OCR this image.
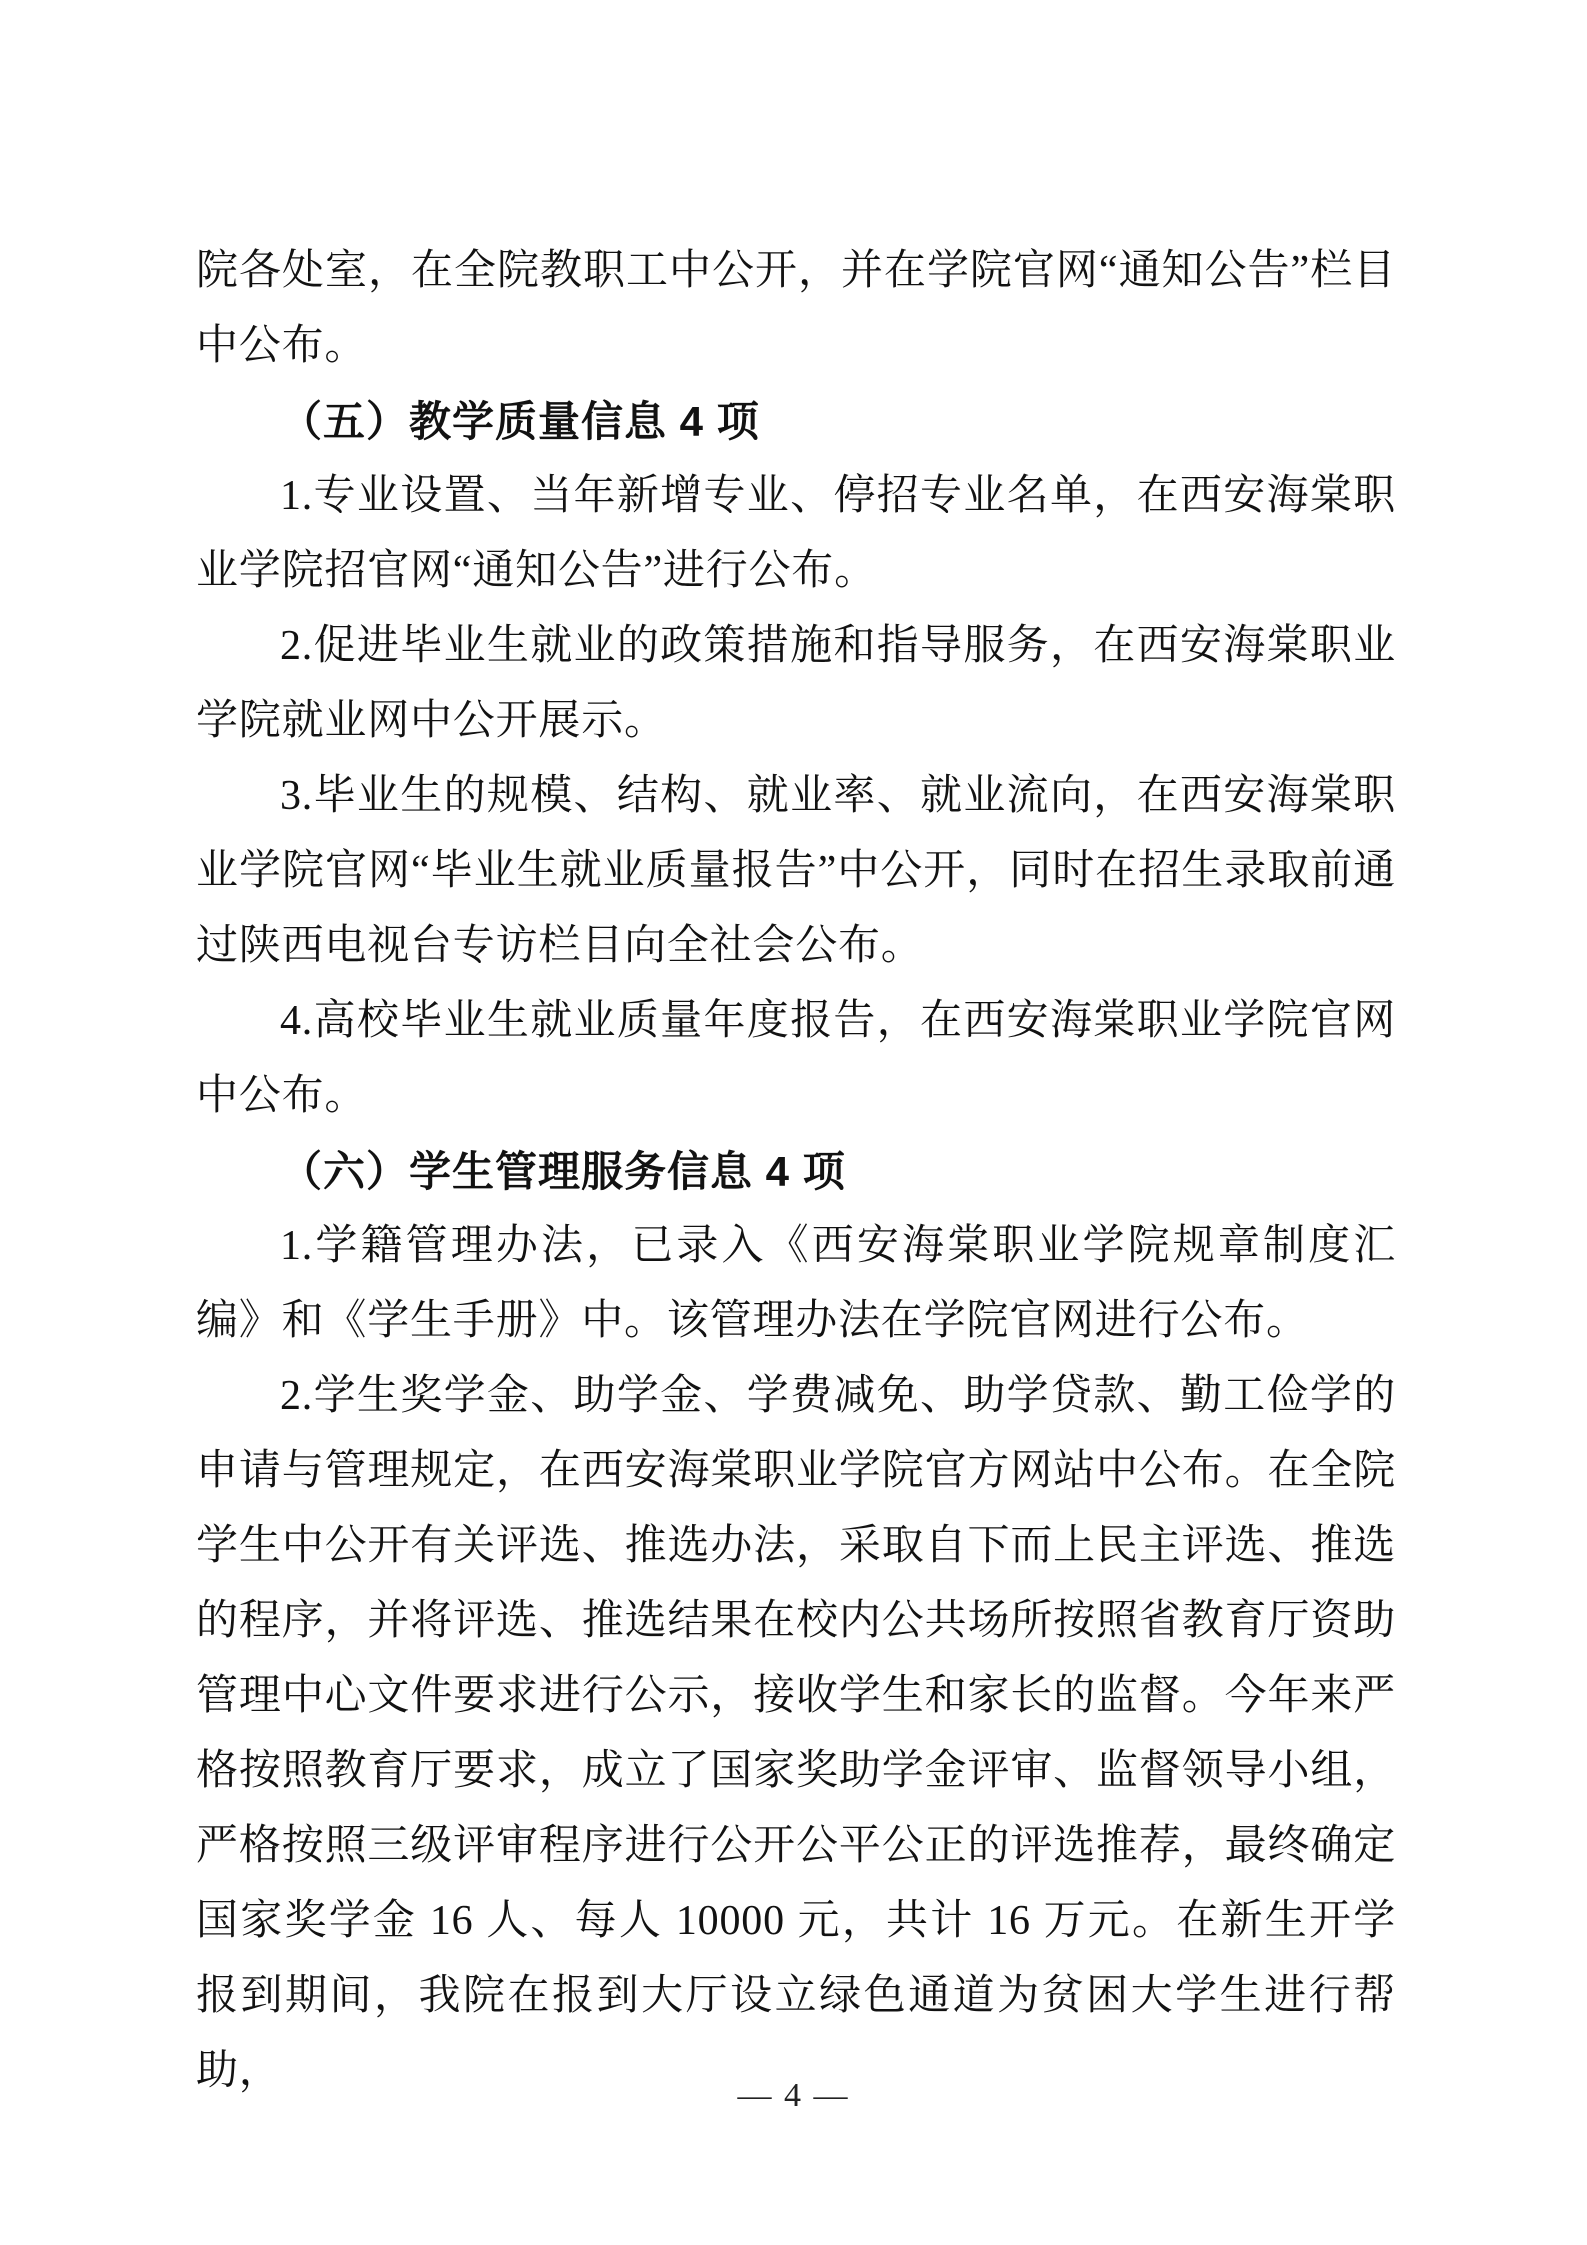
院各处室，在全院教职工中公开，并在学院官网“通知公告”栏目中公布。

（五）教学质量信息 4 项

1.专业设置、当年新增专业、停招专业名单，在西安海棠职业学院招官网“通知公告”进行公布。

2.促进毕业生就业的政策措施和指导服务，在西安海棠职业学院就业网中公开展示。

3.毕业生的规模、结构、就业率、就业流向，在西安海棠职业学院官网“毕业生就业质量报告”中公开，同时在招生录取前通过陕西电视台专访栏目向全社会公布。

4.高校毕业生就业质量年度报告，在西安海棠职业学院官网中公布。

（六）学生管理服务信息 4 项

1.学籍管理办法，已录入《西安海棠职业学院规章制度汇编》和《学生手册》中。该管理办法在学院官网进行公布。

2.学生奖学金、助学金、学费减免、助学贷款、勤工俭学的申请与管理规定，在西安海棠职业学院官方网站中公布。在全院学生中公开有关评选、推选办法，采取自下而上民主评选、推选的程序，并将评选、推选结果在校内公共场所按照省教育厅资助管理中心文件要求进行公示，接收学生和家长的监督。今年来严格按照教育厅要求，成立了国家奖助学金评审、监督领导小组，严格按照三级评审程序进行公开公平公正的评选推荐，最终确定国家奖学金 16 人、每人 10000 元，共计 16 万元。在新生开学报到期间，我院在报到大厅设立绿色通道为贫困大学生进行帮助，

— 4 —
